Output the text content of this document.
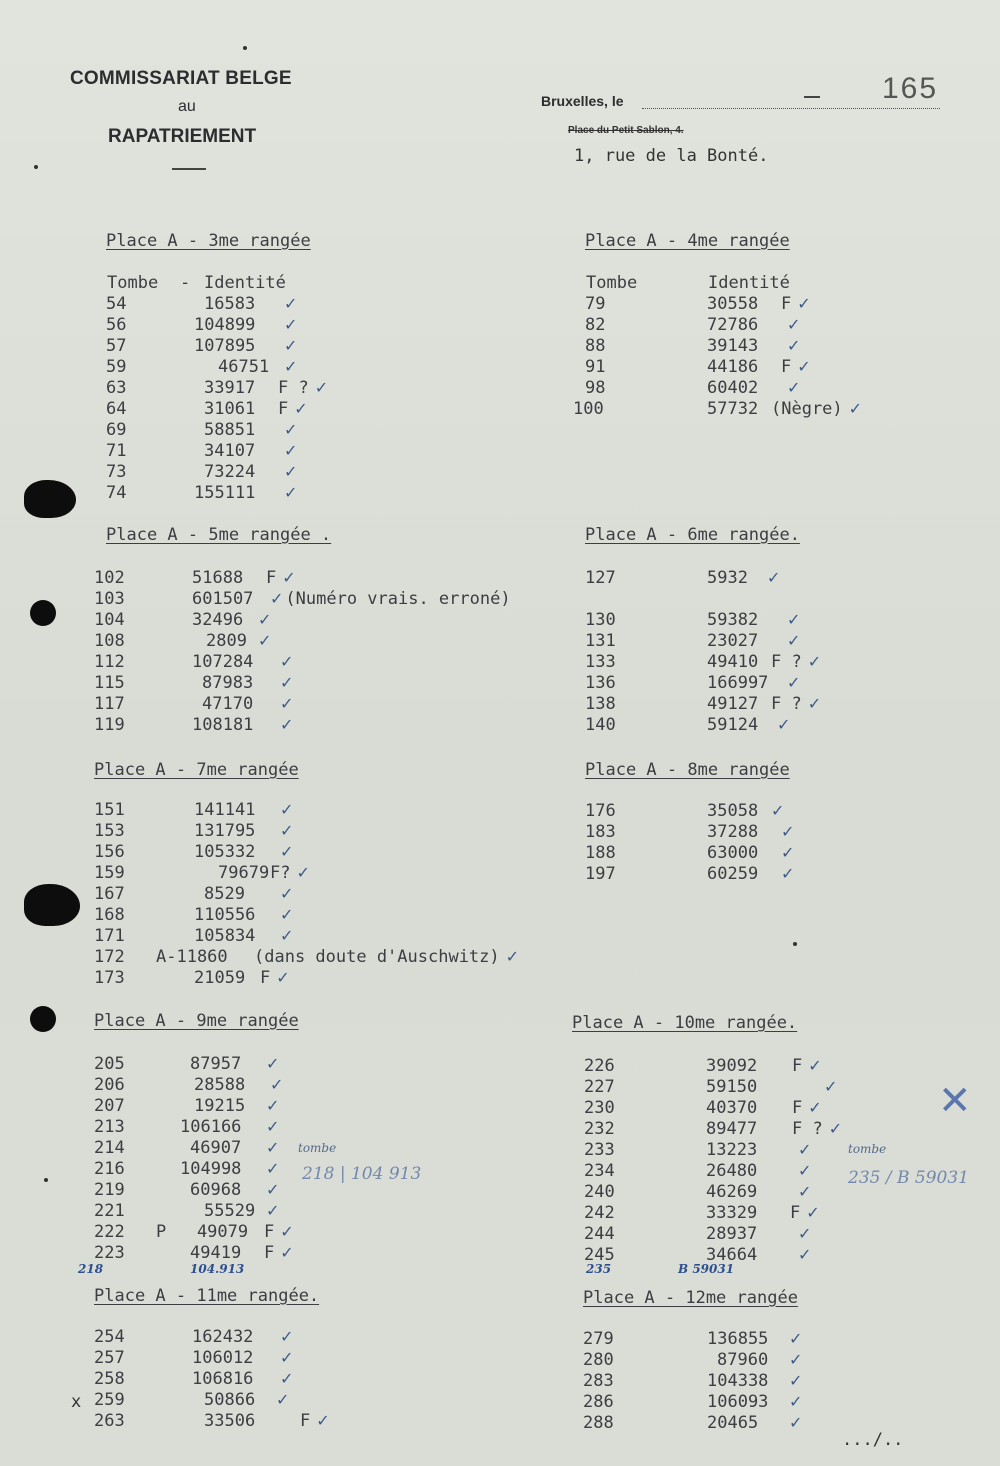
COMMISSARIAT BELGE
au
RAPATRIEMENT
Bruxelles, le	165
Place du Petit Sablon, 4.
1, rue de la Bonté.
Place A - 3me rangée
Tombe - Identité
54	16583	✓
56	104899	✓
57	107895	✓
59	46751 ✓
63	33917 F ? ✓
64	31061 F ✓
69	58851	✓
71	34107	✓
73	73224	✓
74	155111	✓
Place A - 4me rangée
Tombe	Identité
79	30558 F ✓
82	72786	✓
88	39143	✓
91	44186 F ✓
98	60402	✓
100	57732 (Nègre) ✓
Place A - 5me rangée .
102	51688 F ✓
103	601507 ✓ (Numéro vrais. erroné)
104	32496 ✓
108	2809 ✓
112	107284	✓
115	87983	✓
117	47170	✓
119	108181	✓
Place A - 6me rangée.
127	5932	✓
130	59382	✓
131	23027	✓
133	49410 F ? ✓
136	166997	✓
138	49127 F ? ✓
140	59124	✓
Place A - 7me rangée
151	141141	✓
153	131795	✓
156	105332	✓
159	79679 F? ✓
167	8529	✓
168	110556	✓
171	105834	✓
172 A-11860 (dans doute d'Auschwitz) ✓
173	21059 F ✓
Place A - 8me rangée
176	35058 ✓
183	37288	✓
188	63000	✓
197	60259	✓
Place A - 9me rangée
205	87957	✓
206	28588	✓
207	19215	✓
213	106166	✓
214	46907	✓
216	104998	✓
219	60968	✓
221	55529 ✓
222 P   49079 F ✓
223	49419 F ✓
Place A - 10me rangée.
226	39092 F ✓
227	59150	✓
230	40370 F ✓
232	89477 F ? ✓
233	13223	✓
234	26480	✓
240	46269	✓
242	33329 F ✓
244	28937	✓
245	34664	✓
Place A - 11me rangée.
254	162432	✓
257	106012	✓
258	106816	✓
259	50866	✓
263	33506	F ✓
Place A - 12me rangée
279	136855	✓
280	87960	✓
283	104338	✓
286	106093	✓
288	20465	✓
tombe
218 | 104 913
tombe
235 / B 59031
218	104.913	235	B 59031
✕
x
.../..
